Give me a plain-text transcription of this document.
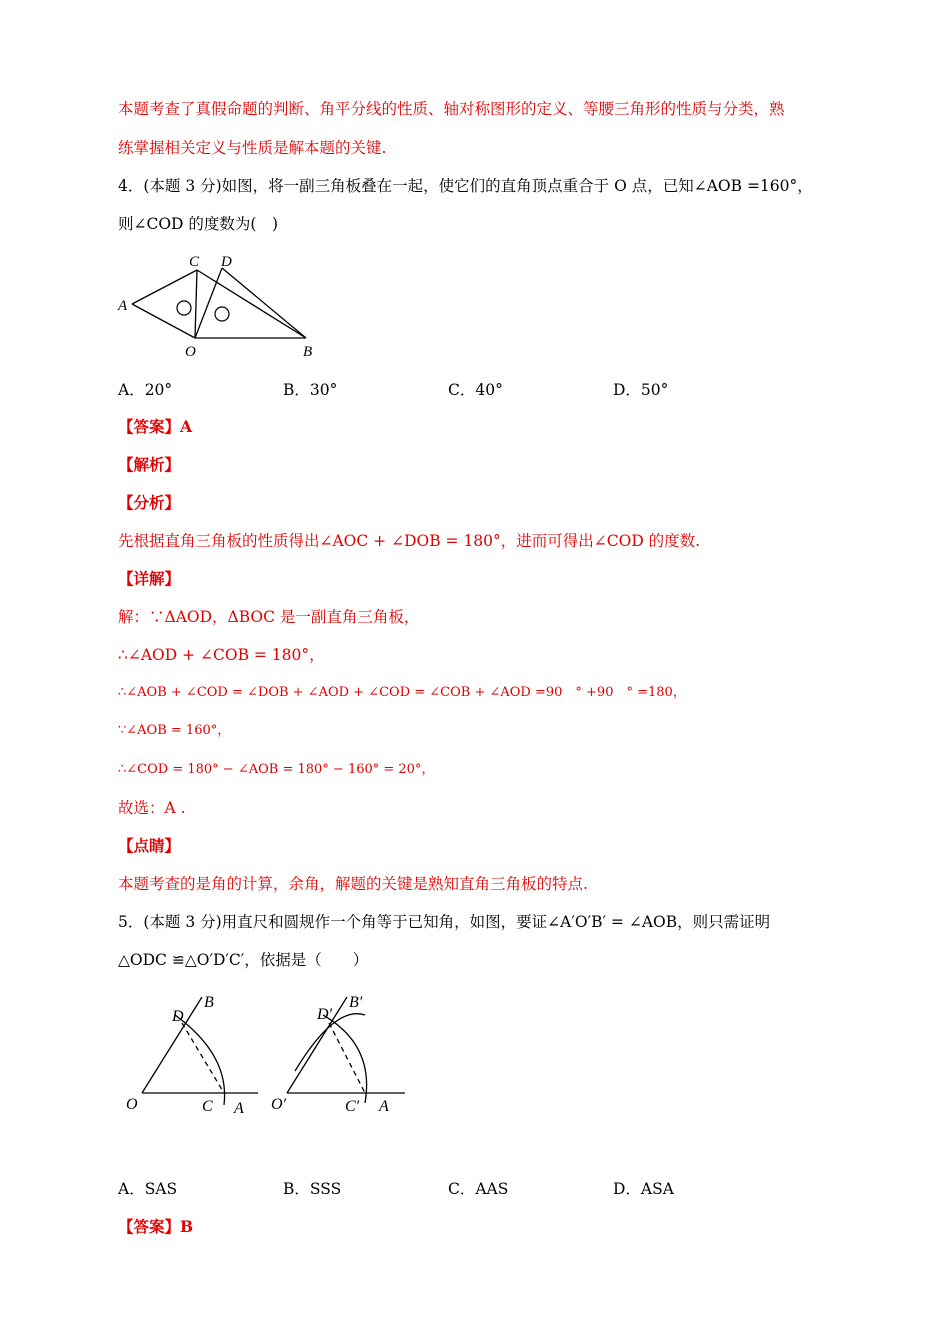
本题考查了真假命题的判断、角平分线的性质、轴对称图形的定义、等腰三角形的性质与分类，熟
练掌握相关定义与性质是解本题的关键.
4．(本题 3 分)如图，将一副三角板叠在一起，使它们的直角顶点重合于 O 点，已知∠AOB =160°，
则∠COD 的度数为(　)
A
C D
O	B
A．20°	B．30°	C．40°	D．50°
【答案】A
【解析】
【分析】
先根据直角三角板的性质得出∠AOC + ∠DOB = 180°，进而可得出∠COD 的度数.
【详解】
解：∵ΔAOD，ΔBOC 是一副直角三角板，
∴∠AOD + ∠COB = 180°，
∴∠AOB + ∠COD = ∠DOB + ∠AOD + ∠COD = ∠COB + ∠AOD =90　° +90　° =180，
∵∠AOB = 160°，
∴∠COD = 180° − ∠AOB = 180° − 160° = 20°，
故选：A .
【点睛】
本题考查的是角的计算，余角，解题的关键是熟知直角三角板的特点.
5．(本题 3 分)用直尺和圆规作一个角等于已知角，如图，要证∠A′O′B′ = ∠AOB，则只需证明
△ODC ≌△O′D′C′，依据是（　　）
O
D
B
C A O′
D′
B′
C′ A
A．SAS	B．SSS	C．AAS	D．ASA
【答案】B
